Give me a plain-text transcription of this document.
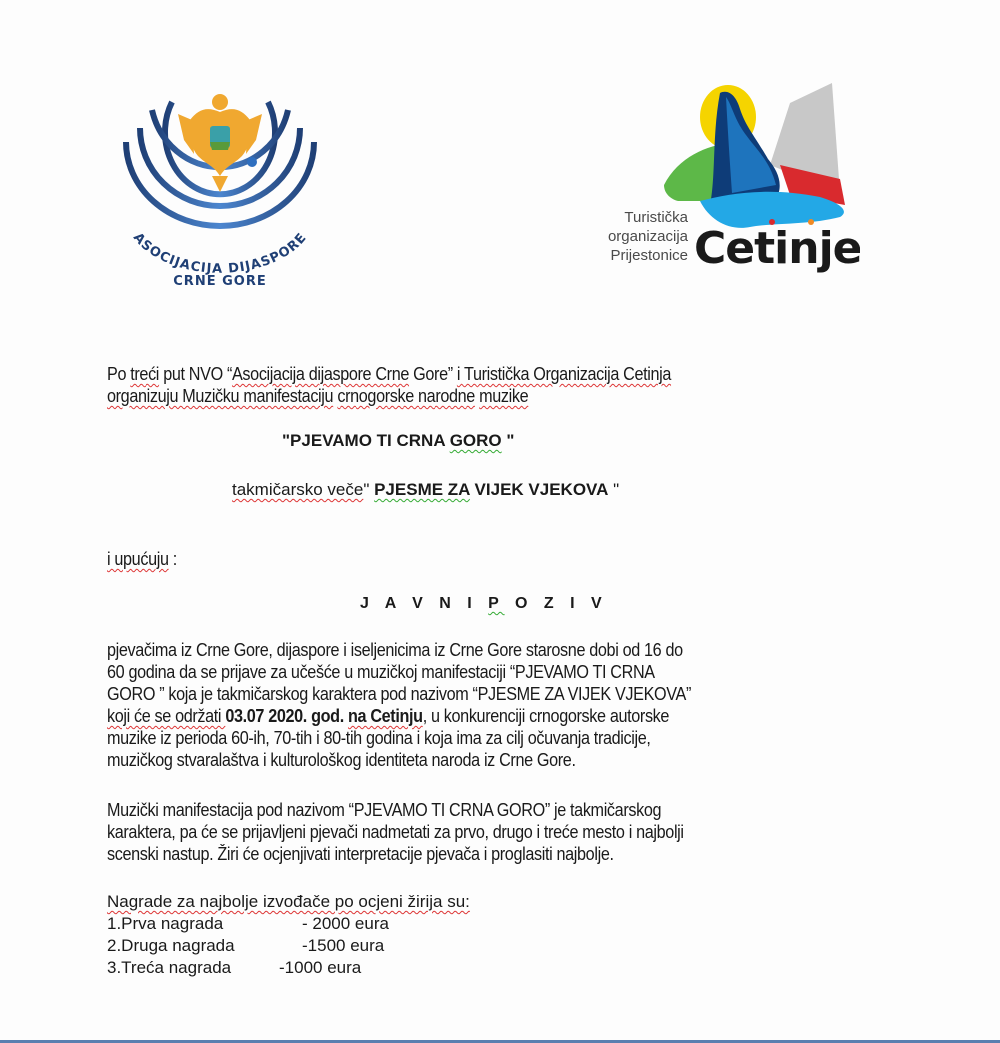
ASOCIJACIJA DIJASPORE
CRNE GORE
Turistička
organizacija
Prijestonice Cetinje
Po treći put NVO “Asocijacija dijaspore Crne Gore” i Turistička Organizacija Cetinja
organizuju Muzičku manifestaciju crnogorske narodne muzike
"PJEVAMO TI CRNA GORO "
takmičarsko veče" PJESME ZA VIJEK VJEKOVA "
i upućuju :
J A V N I P O Z I V
pjevačima iz Crne Gore, dijaspore i iseljenicima iz Crne Gore starosne dobi od 16 do
60 godina da se prijave za učešće u muzičkoj manifestaciji “PJEVAMO TI CRNA
GORO ” koja je takmičarskog karaktera pod nazivom “PJESME ZA VIJEK VJEKOVA”
koji će se održati 03.07 2020. god. na Cetinju, u konkurenciji crnogorske autorske
muzike iz perioda 60-ih, 70-tih i 80-tih godina i koja ima za cilj očuvanja tradicije,
muzičkog stvaralaštva i kulturološkog identiteta naroda iz Crne Gore.
Muzički manifestacija pod nazivom “PJEVAMO TI CRNA GORO” je takmičarskog
karaktera, pa će se prijavljeni pjevači nadmetati za prvo, drugo i treće mesto i najbolji
scenski nastup. Žiri će ocjenjivati interpretacije pjevača i proglasiti najbolje.
Nagrade za najbolje izvođače po ocjeni žirija su:
1.Prva nagrada	- 2000 eura
2.Druga nagrada	-1500 eura
3.Treća nagrada	-1000 eura
